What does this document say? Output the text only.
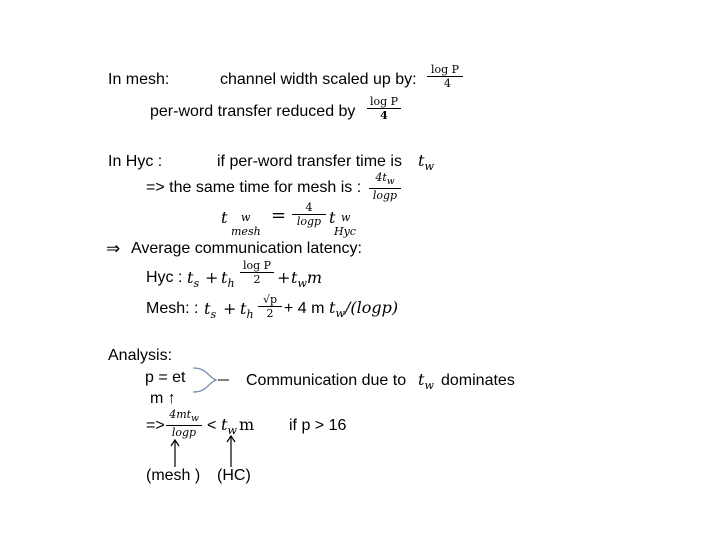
In mesh:	channel width scaled up by: $\frac{\text{log P}}{4}$
per-word transfer reduced by $\frac{\text{log P}}{4}$
In Hyc :	if per-word transfer time is $t_w$
=> the same time for mesh is : $\frac{4t_w}{\log p}$
t w
mesh
= $\frac{4}{\log p}$ t w
Hyc
⇒ Average communication latency:
Hyc : $t_s + t_h \frac{\text{log P}}{2} + t_wm$
Mesh: : $t_s + t_h \frac{√p}{2} + 4$ m $t_w$ /(logp)
Analysis:
p = et
m ↑
Communication due to $t_w$ dominates
=>
$4mt_w$
$\log p < t_w$ m if p > 16
(mesh ) (HC)
